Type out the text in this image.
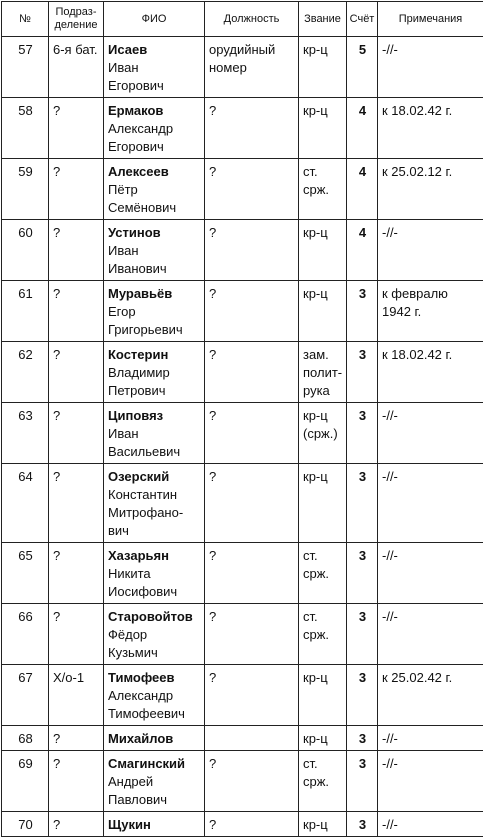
№	Подраз-
деление	ФИО	Должность	Звание	Счёт	Примечания
57	6-я бат.	Исаев
Иван
Егорович	орудийный
номер	кр-ц	5	-//-
58	?	Ермаков
Александр
Егорович	?	кр-ц	4	к 18.02.42 г.
59	?	Алексеев
Пётр
Семёнович	?	ст.
срж.	4	к 25.02.12 г.
60	?	Устинов
Иван
Иванович	?	кр-ц	4	-//-
61	?	Муравьёв
Егор
Григорьевич	?	кр-ц	3	к февралю
1942 г.
62	?	Костерин
Владимир
Петрович	?	зам.
полит-
рука	3	к 18.02.42 г.
63	?	Циповяз
Иван
Васильевич	?	кр-ц
(срж.)	3	-//-
64	?	Озерский
Константин
Митрофано-
вич	?	кр-ц	3	-//-
65	?	Хазарьян
Никита
Иосифович	?	ст.
срж.	3	-//-
66	?	Старовойтов
Фёдор
Кузьмич	?	ст.
срж.	3	-//-
67	Х/о-1	Тимофеев
Александр
Тимофеевич	?	кр-ц	3	к 25.02.42 г.
68	?	Михайлов		кр-ц	3	-//-
69	?	Смагинский
Андрей
Павлович	?	ст.
срж.	3	-//-
70	?	Щукин	?	кр-ц	3	-//-
